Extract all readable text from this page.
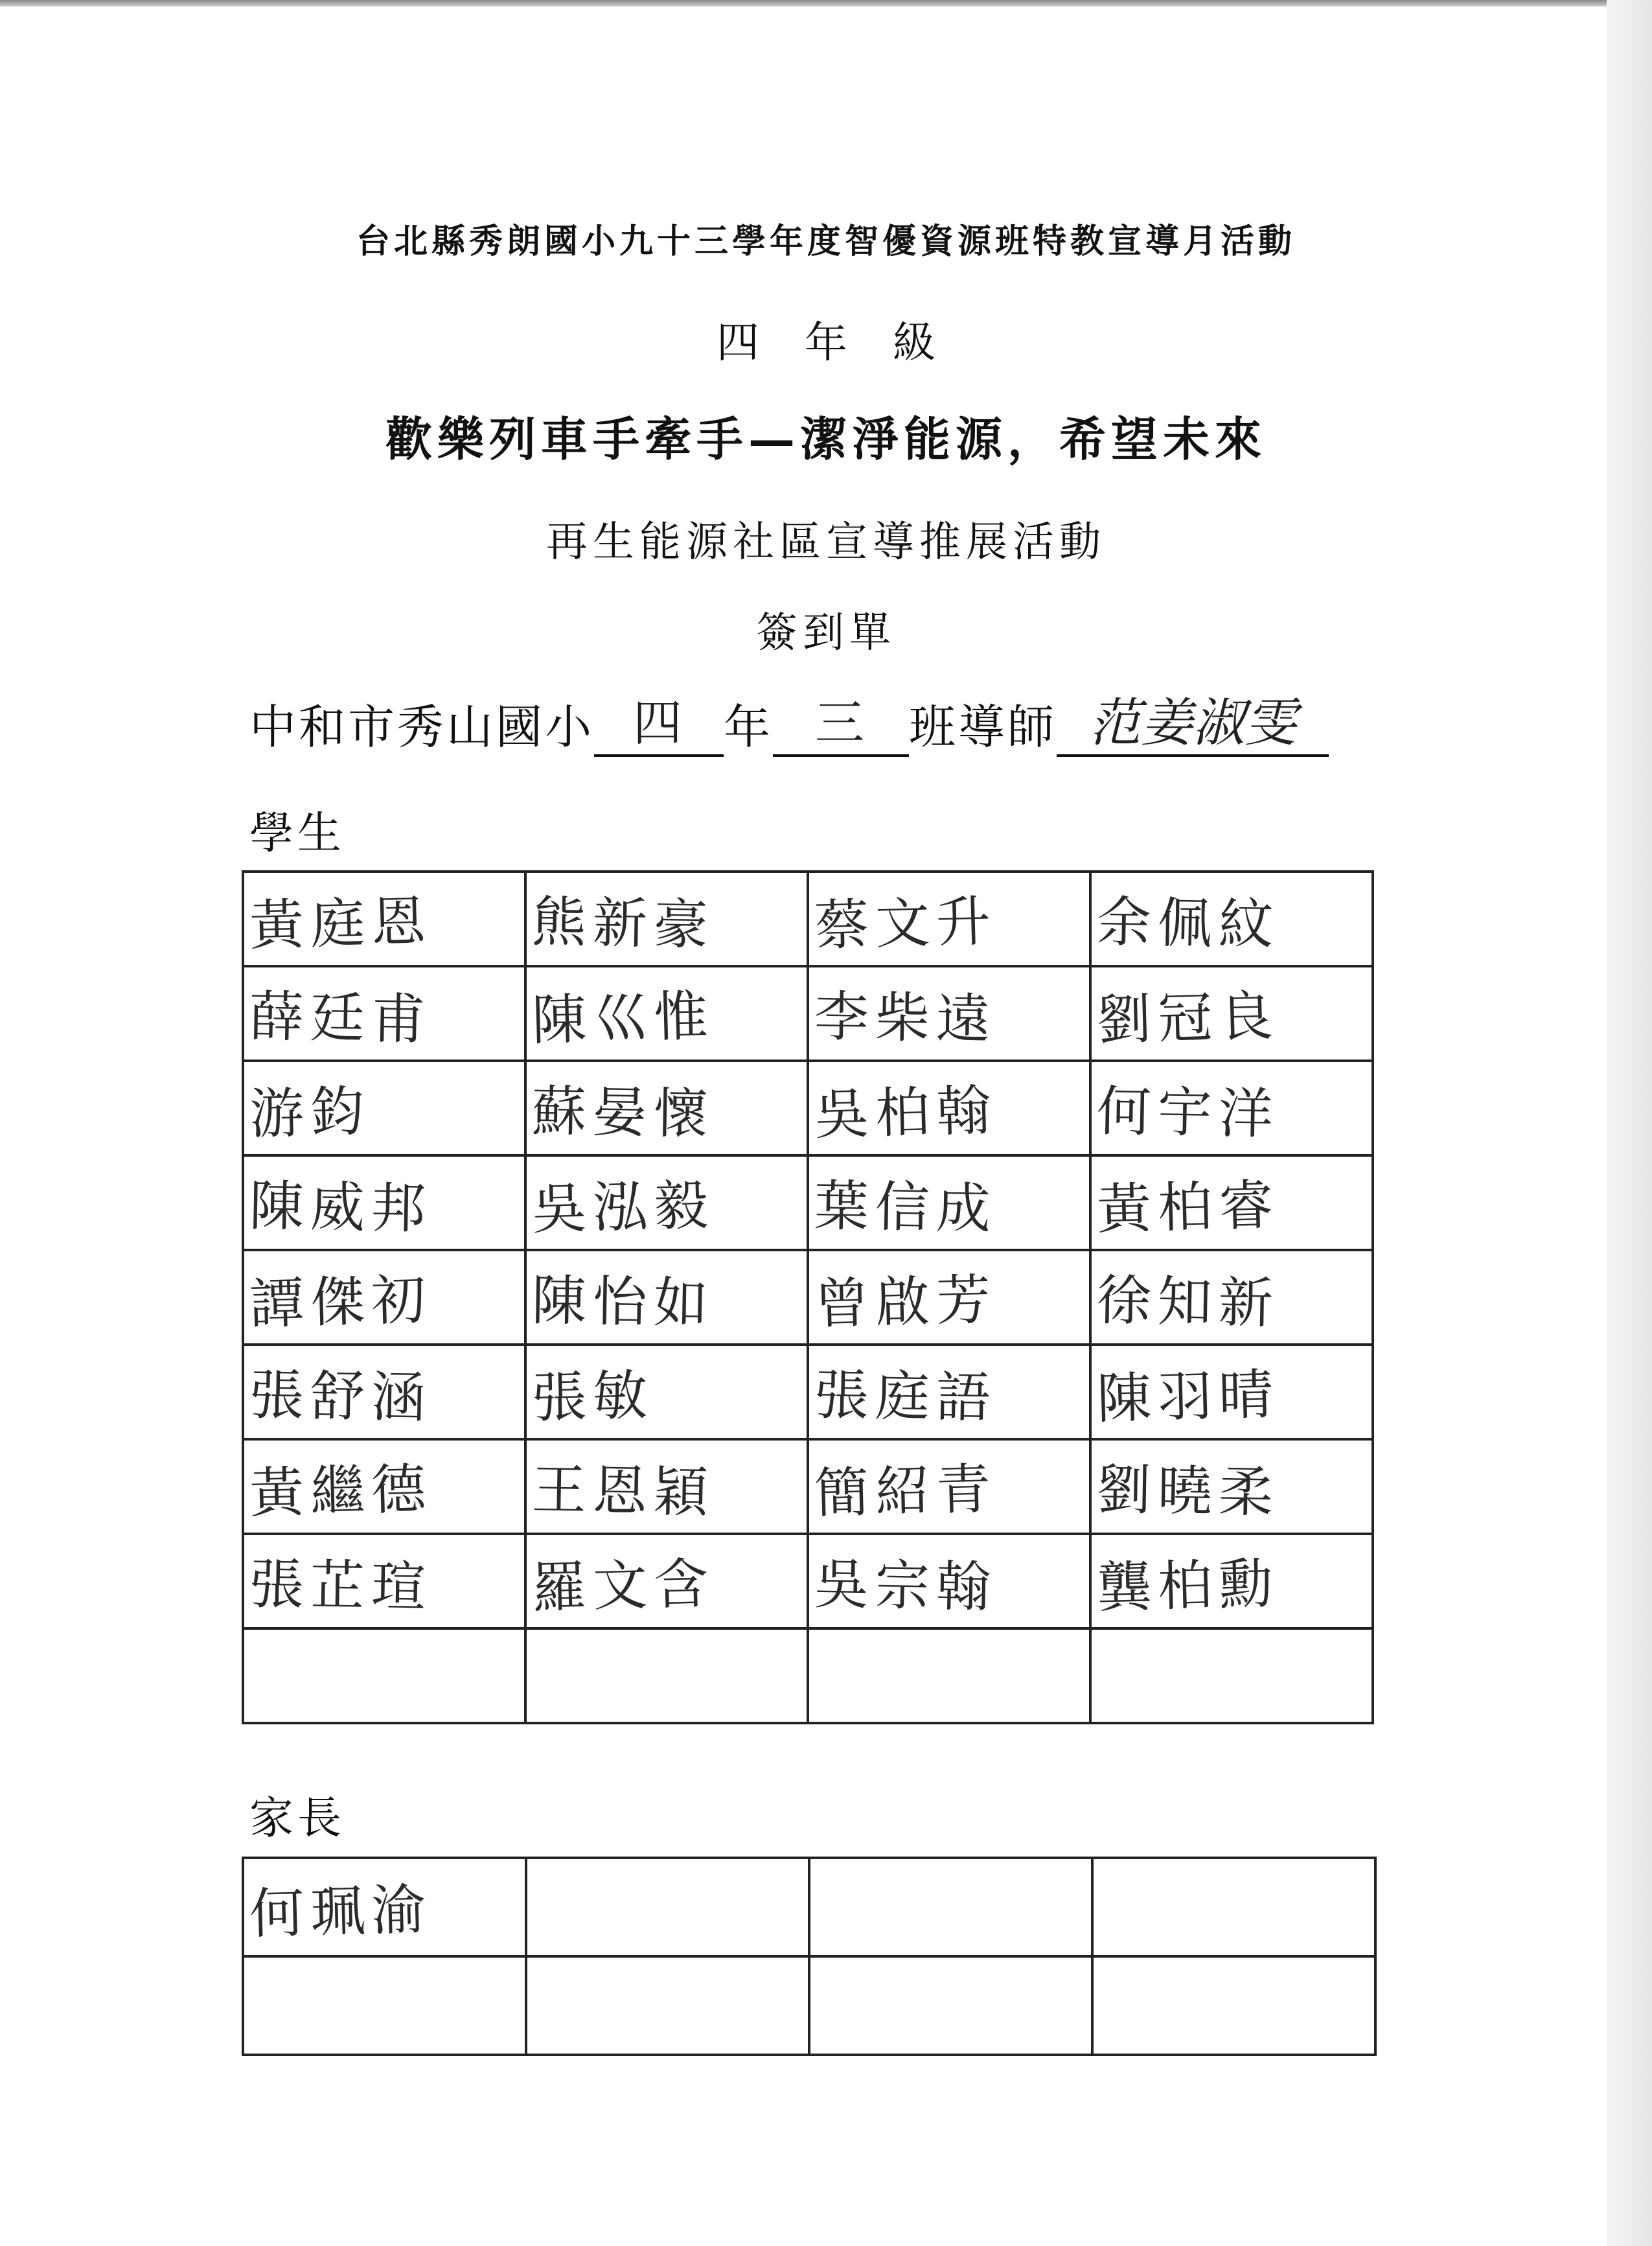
台北縣秀朗國小九十三學年度智優資源班特教宣導月活動
四年級
歡樂列車手牽手—潔淨能源，希望未來
再生能源社區宣導推展活動
簽到單
中和市秀山國小 四 年 三 班導師 范姜淑雯
學生
黃庭恩	熊新豪	蔡文升	余佩紋
薛廷甫	陳巛惟	李柴遠	劉冠良
游鈞	蘇晏懷	吳柏翰	何宇洋
陳威邦	吳泓毅	葉信成	黃柏睿
譚傑初	陳怡如	曾啟芳	徐知新
張舒涵	張敏	張庭語	陳羽晴
黃繼德	王恩穎	簡紹青	劉曉柔
張芷瑄	羅文含	吳宗翰	龔柏勳

家長
何珮渝			
